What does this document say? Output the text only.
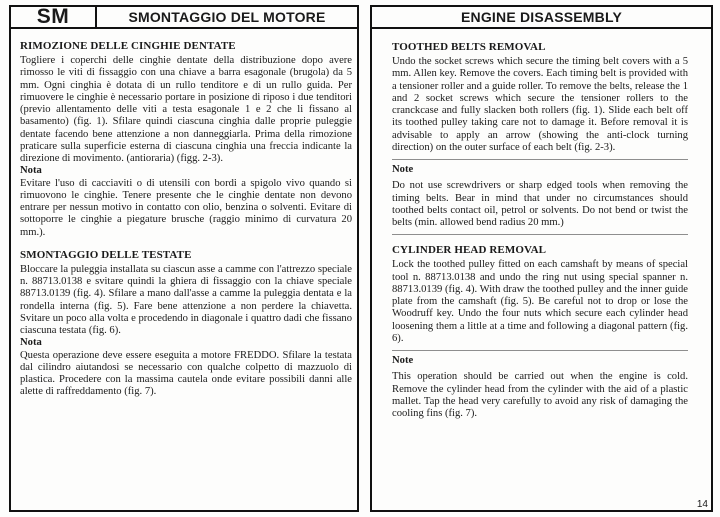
SM	SMONTAGGIO DEL MOTORE	ENGINE DISASSEMBLY
RIMOZIONE DELLE CINGHIE DENTATE

Togliere i coperchi delle cinghie dentate della distribuzione dopo avere rimosso le viti di fissaggio con una chiave a barra esagonale (brugola) da 5 mm. Ogni cinghia è dotata di un rullo tenditore e di un rullo guida. Per rimuovere le cinghie è necessario portare in posizione di riposo i due tenditori (previo allentamento delle viti a testa esagonale 1 e 2 che li fissano al basamento) (fig. 1). Sfilare quindi ciascuna cinghia dalle proprie puleggie dentate facendo bene attenzione a non danneggiarla. Prima della rimozione praticare sulla superficie esterna di ciascuna cinghia una freccia indicante la direzione di movimento. (antioraria) (figg. 2-3).

Nota

Evitare l'uso di cacciaviti o di utensili con bordi a spigolo vivo quando si rimuovono le cinghie. Tenere presente che le cinghie dentate non devono entrare per nessun motivo in contatto con olio, benzina o solventi. Evitare di sottoporre le cinghie a piegature brusche (raggio minimo di curvatura 20 mm.).

SMONTAGGIO DELLE TESTATE

Bloccare la puleggia installata su ciascun asse a camme con l'attrezzo speciale n. 88713.0138 e svitare quindi la ghiera di fissaggio con la chiave speciale 88713.0139 (fig. 4). Sfilare a mano dall'asse a camme la puleggia dentata e la rondella interna (fig. 5). Fare bene attenzione a non perdere la chiavetta. Svitare un poco alla volta e procedendo in diagonale i quattro dadi che fissano ciascuna testata (fig. 6).

Nota

Questa operazione deve essere eseguita a motore FREDDO. Sfilare la testata dal cilindro aiutandosi se necessario con qualche colpetto di mazzuolo di plastica. Procedere con la massima cautela onde evitare possibili danni alle alette di raffreddamento (fig. 7).

TOOTHED BELTS REMOVAL

Undo the socket screws which secure the timing belt covers with a 5 mm. Allen key. Remove the covers. Each timing belt is provided with a tensioner roller and a guide roller. To remove the belts, release the 1 and 2 socket screws which secure the tensioner rollers to the cranckcase and fully slacken both rollers (fig. 1). Slide each belt off its toothed pulley taking care not to damage it. Before removal it is advisable to apply an arrow (showing the anti-clock turning direction) on the outer surface of each belt (fig. 2-3).

Note

Do not use screwdrivers or sharp edged tools when removing the timing belts. Bear in mind that under no circumstances should toothed belts contact oil, petrol or solvents. Do not bend or twist the belts (min. allowed bend radius 20 mm.)

CYLINDER HEAD REMOVAL

Lock the toothed pulley fitted on each camshaft by means of special tool n. 88713.0138 and undo the ring nut using special spanner n. 88713.0139 (fig. 4). With draw the toothed pulley and the inner guide plate from the camshaft (fig. 5). Be careful not to drop or lose the Woodruff key. Undo the four nuts which secure each cylinder head loosening them a little at a time and following a diagonal pattern (fig. 6).

Note

This operation should be carried out when the engine is cold. Remove the cylinder head from the cylinder with the aid of a plastic mallet. Tap the head very carefully to avoid any risk of damaging the cooling fins (fig. 7).

14
